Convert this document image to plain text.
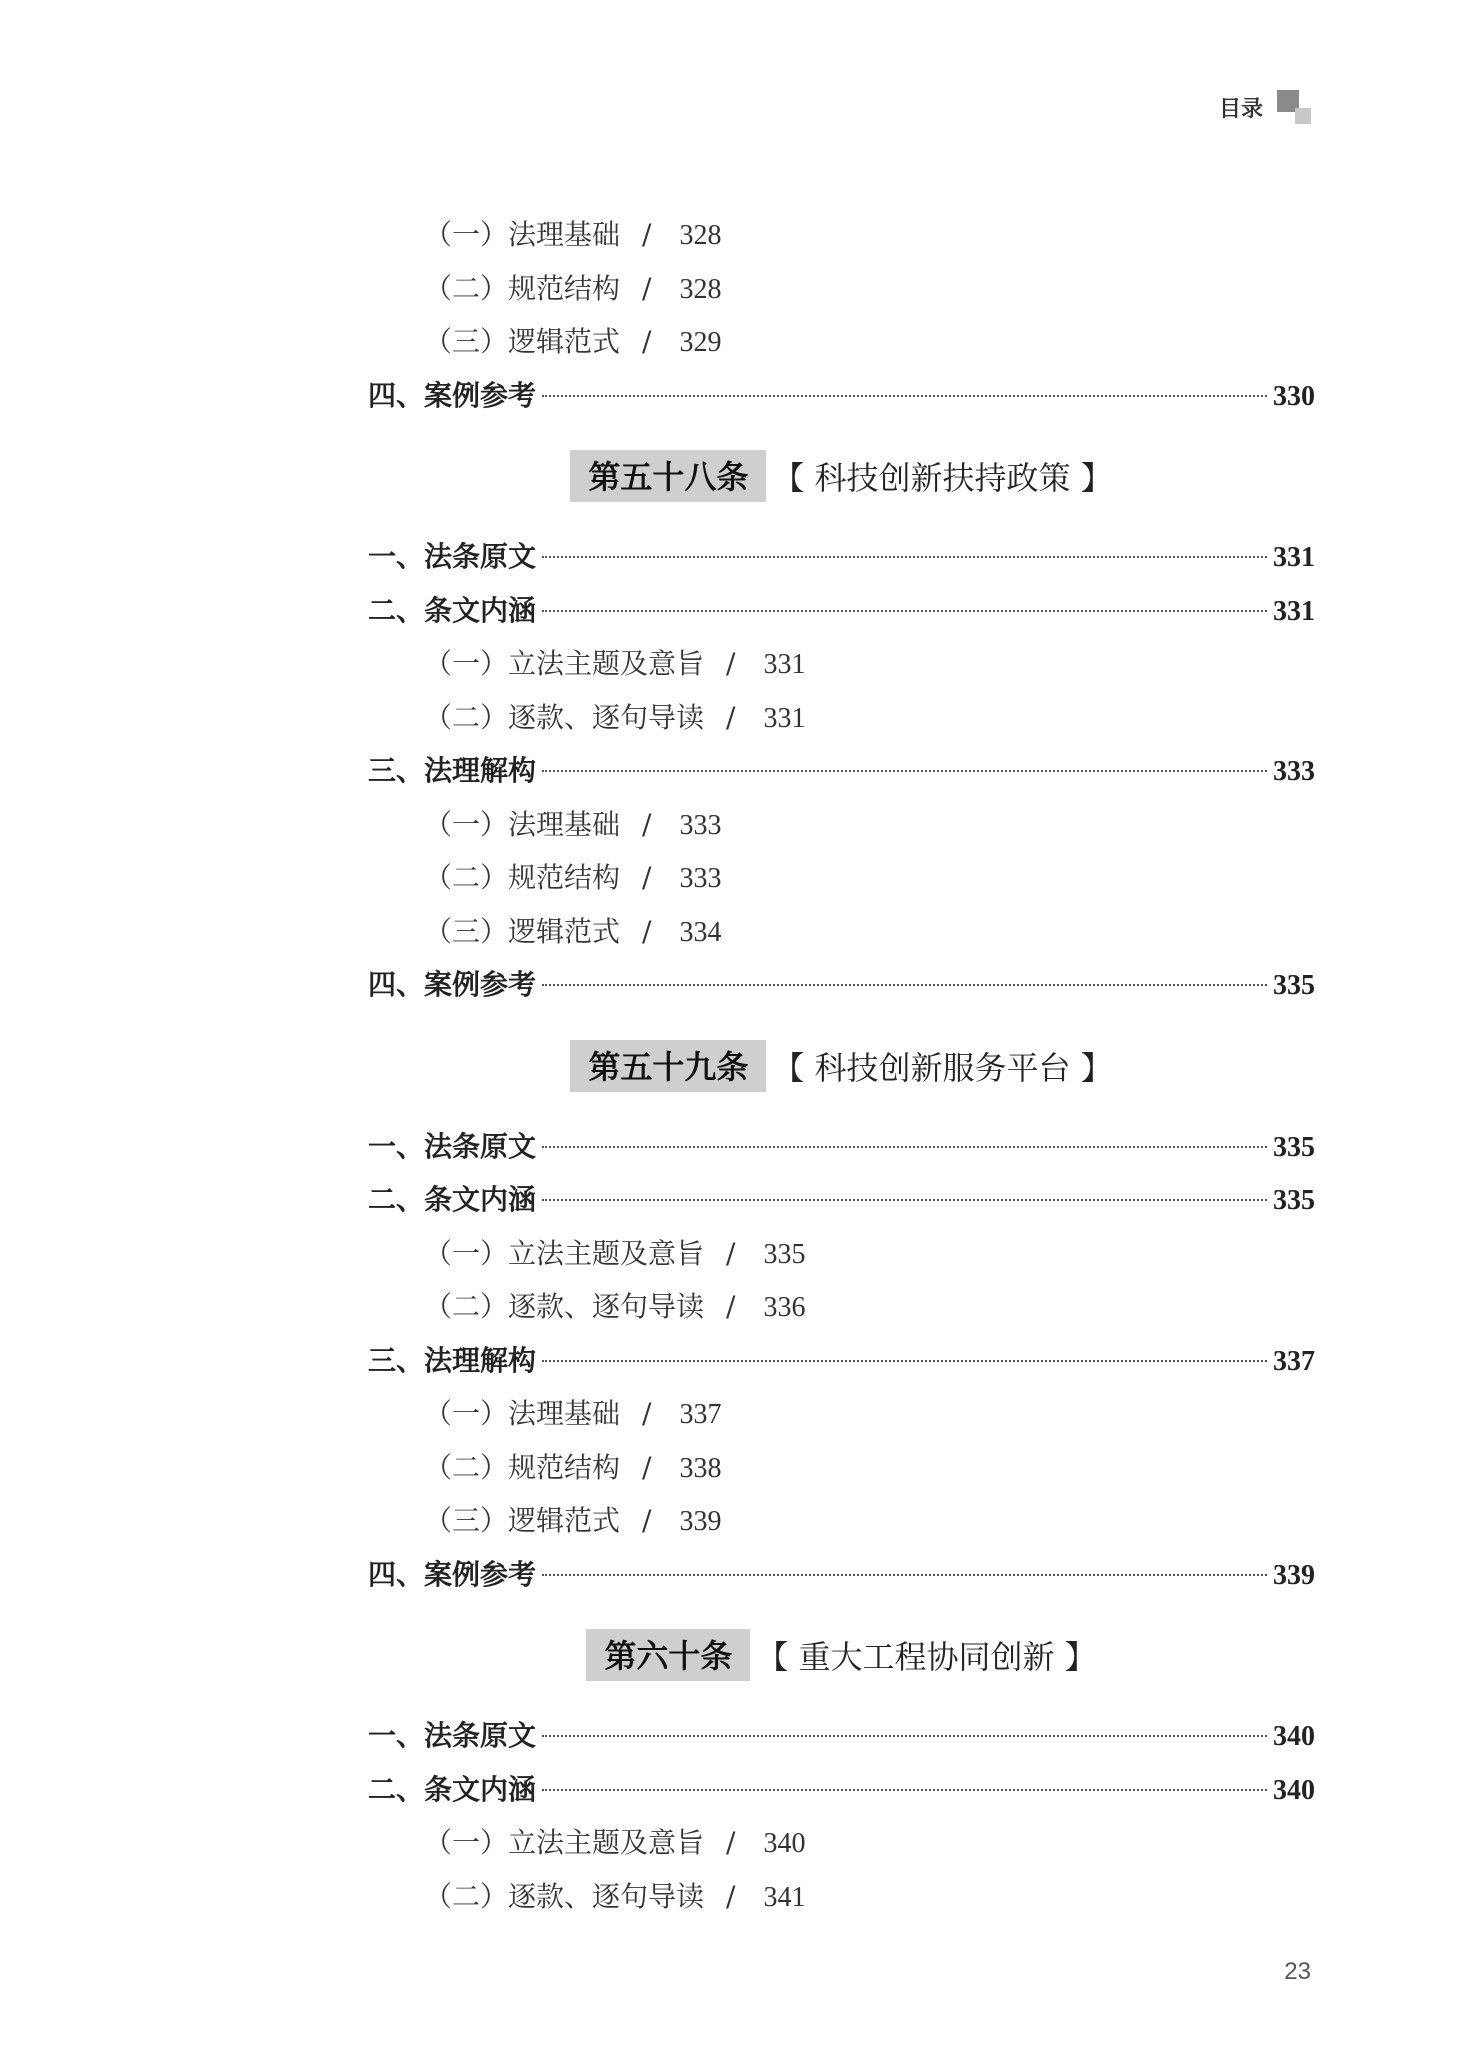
目录
（一）法理基础 / 328
（二）规范结构 / 328
（三）逻辑范式 / 329
四、案例参考	330
第五十八条 【 科技创新扶持政策 】
一、法条原文	331
二、条文内涵	331
（一）立法主题及意旨 / 331
（二）逐款、逐句导读 / 331
三、法理解构	333
（一）法理基础 / 333
（二）规范结构 / 333
（三）逻辑范式 / 334
四、案例参考	335
第五十九条 【 科技创新服务平台 】
一、法条原文	335
二、条文内涵	335
（一）立法主题及意旨 / 335
（二）逐款、逐句导读 / 336
三、法理解构	337
（一）法理基础 / 337
（二）规范结构 / 338
（三）逻辑范式 / 339
四、案例参考	339
第六十条 【 重大工程协同创新 】
一、法条原文	340
二、条文内涵	340
（一）立法主题及意旨 / 340
（二）逐款、逐句导读 / 341
23
